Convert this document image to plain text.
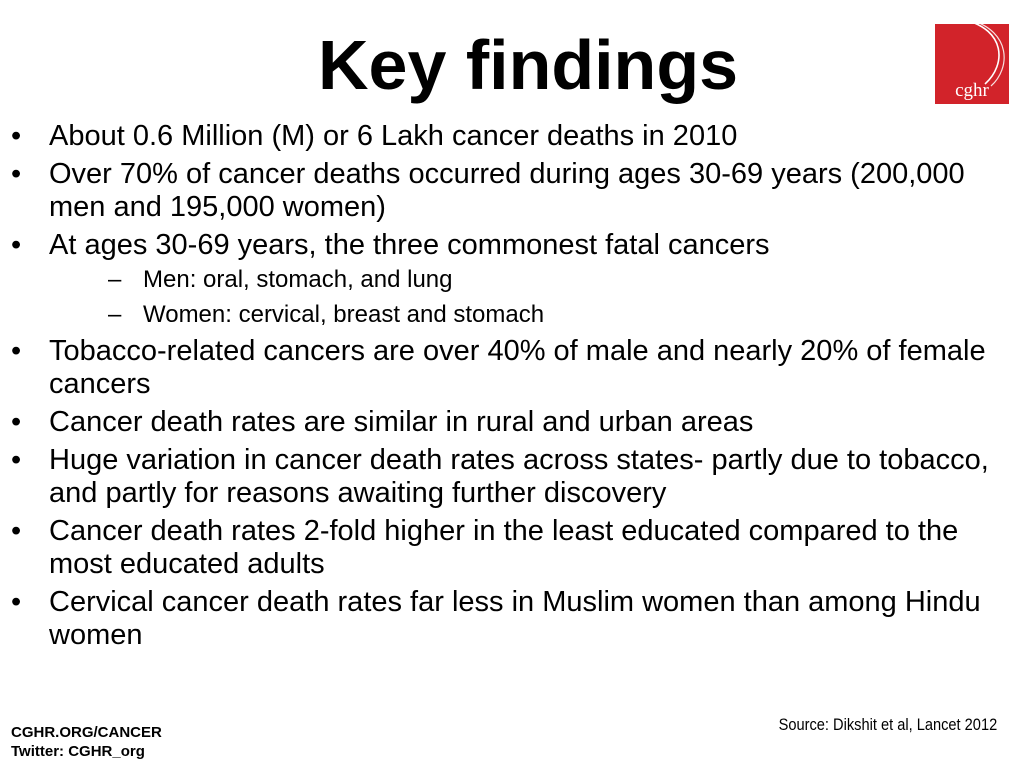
Key findings	cghr
• About 0.6 Million (M) or 6 Lakh cancer deaths in 2010
• Over 70% of cancer deaths occurred during ages 30-69 years (200,000 men and 195,000 women)
• At ages 30-69 years, the three commonest fatal cancers
– Men: oral, stomach, and lung
– Women: cervical, breast and stomach
• Tobacco-related cancers are over 40% of male and nearly 20% of female cancers
• Cancer death rates are similar in rural and urban areas
• Huge variation in cancer death rates across states- partly due to tobacco, and partly for reasons awaiting further discovery
• Cancer death rates 2-fold higher in the least educated compared to the most educated adults
• Cervical cancer death rates far less in Muslim women than among Hindu women
Source: Dikshit et al, Lancet 2012
CGHR.ORG/CANCER
Twitter: CGHR_org
